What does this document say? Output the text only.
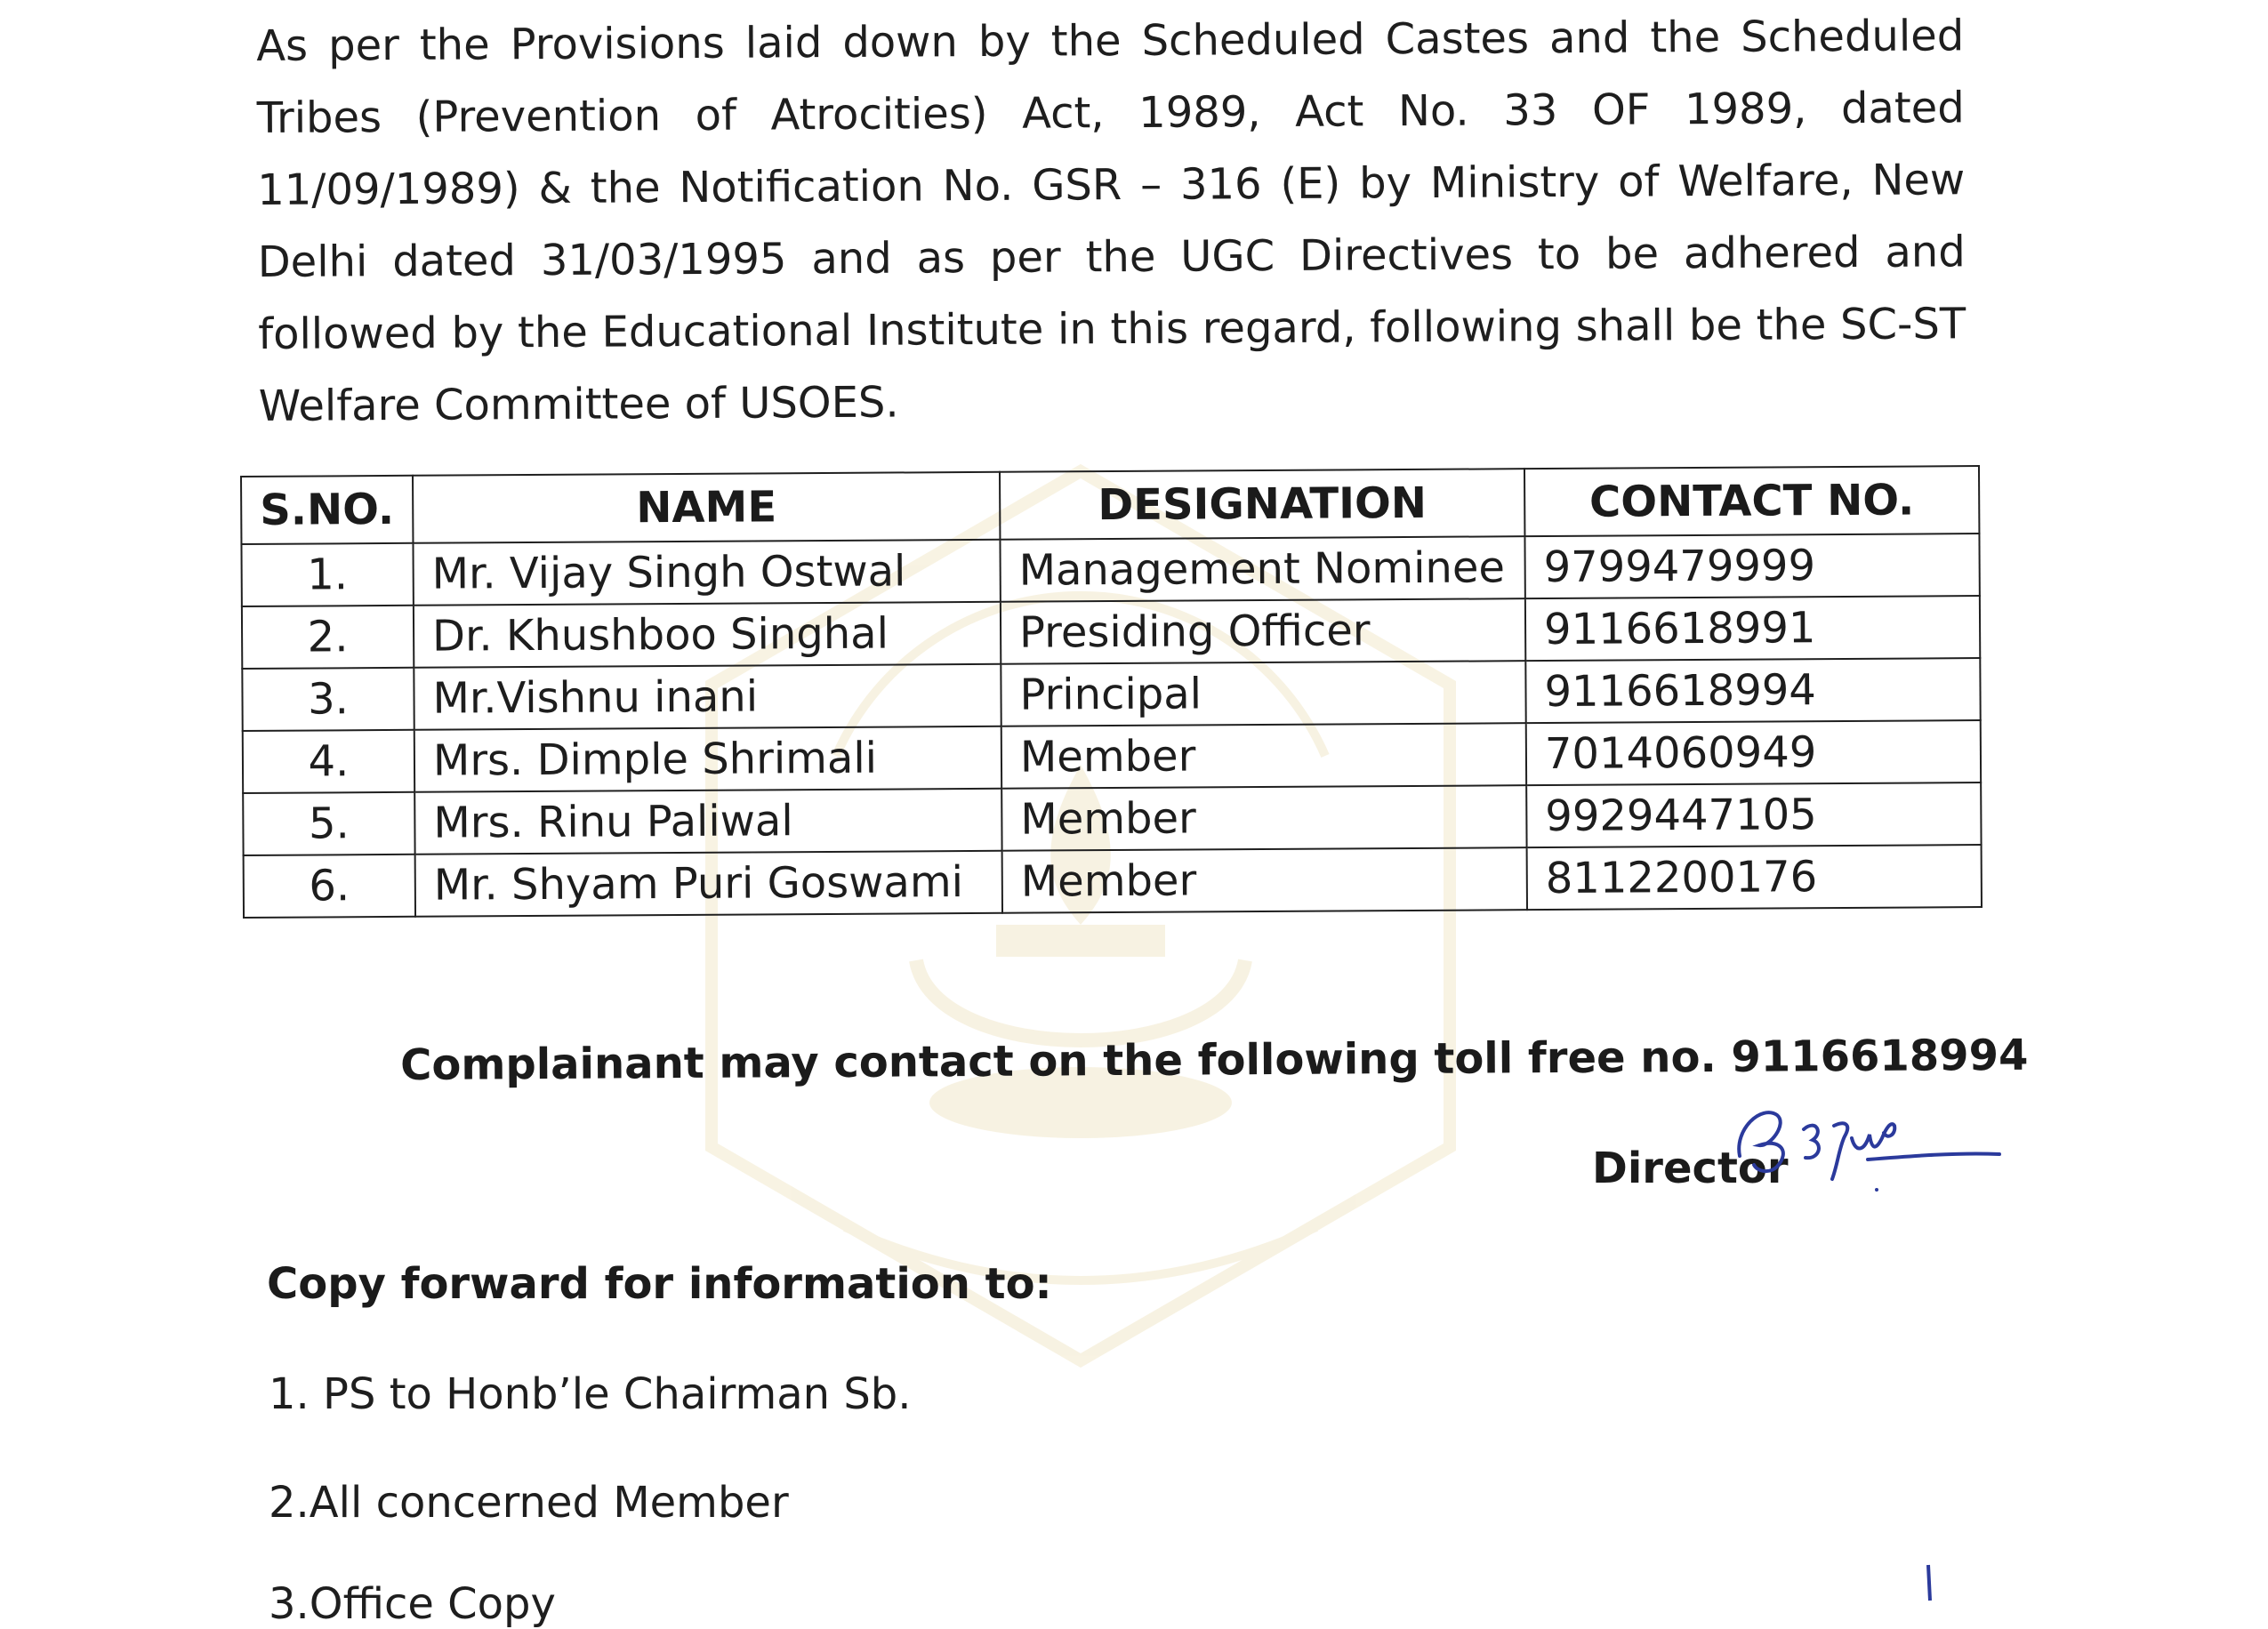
As per the Provisions laid down by the Scheduled Castes and the Scheduled Tribes (Prevention of Atrocities) Act, 1989, Act No. 33 OF 1989, dated 11/09/1989) & the Notification No. GSR – 316 (E) by Ministry of Welfare, New Delhi dated 31/03/1995 and as per the UGC Directives to be adhered and followed by the Educational Institute in this regard, following shall be the SC-ST Welfare Committee of USOES.
S.NO.	NAME	DESIGNATION	CONTACT NO.
1.	Mr. Vijay Singh Ostwal	Management Nominee	9799479999
2.	Dr. Khushboo Singhal	Presiding Officer	9116618991
3.	Mr.Vishnu inani	Principal	9116618994
4.	Mrs. Dimple Shrimali	Member	7014060949
5.	Mrs. Rinu Paliwal	Member	9929447105
6.	Mr. Shyam Puri Goswami	Member	8112200176
Complainant may contact on the following toll free no. 9116618994
Director
Copy forward for information to:
1. PS to Honb’le Chairman Sb.
2.All concerned Member
3.Office Copy
